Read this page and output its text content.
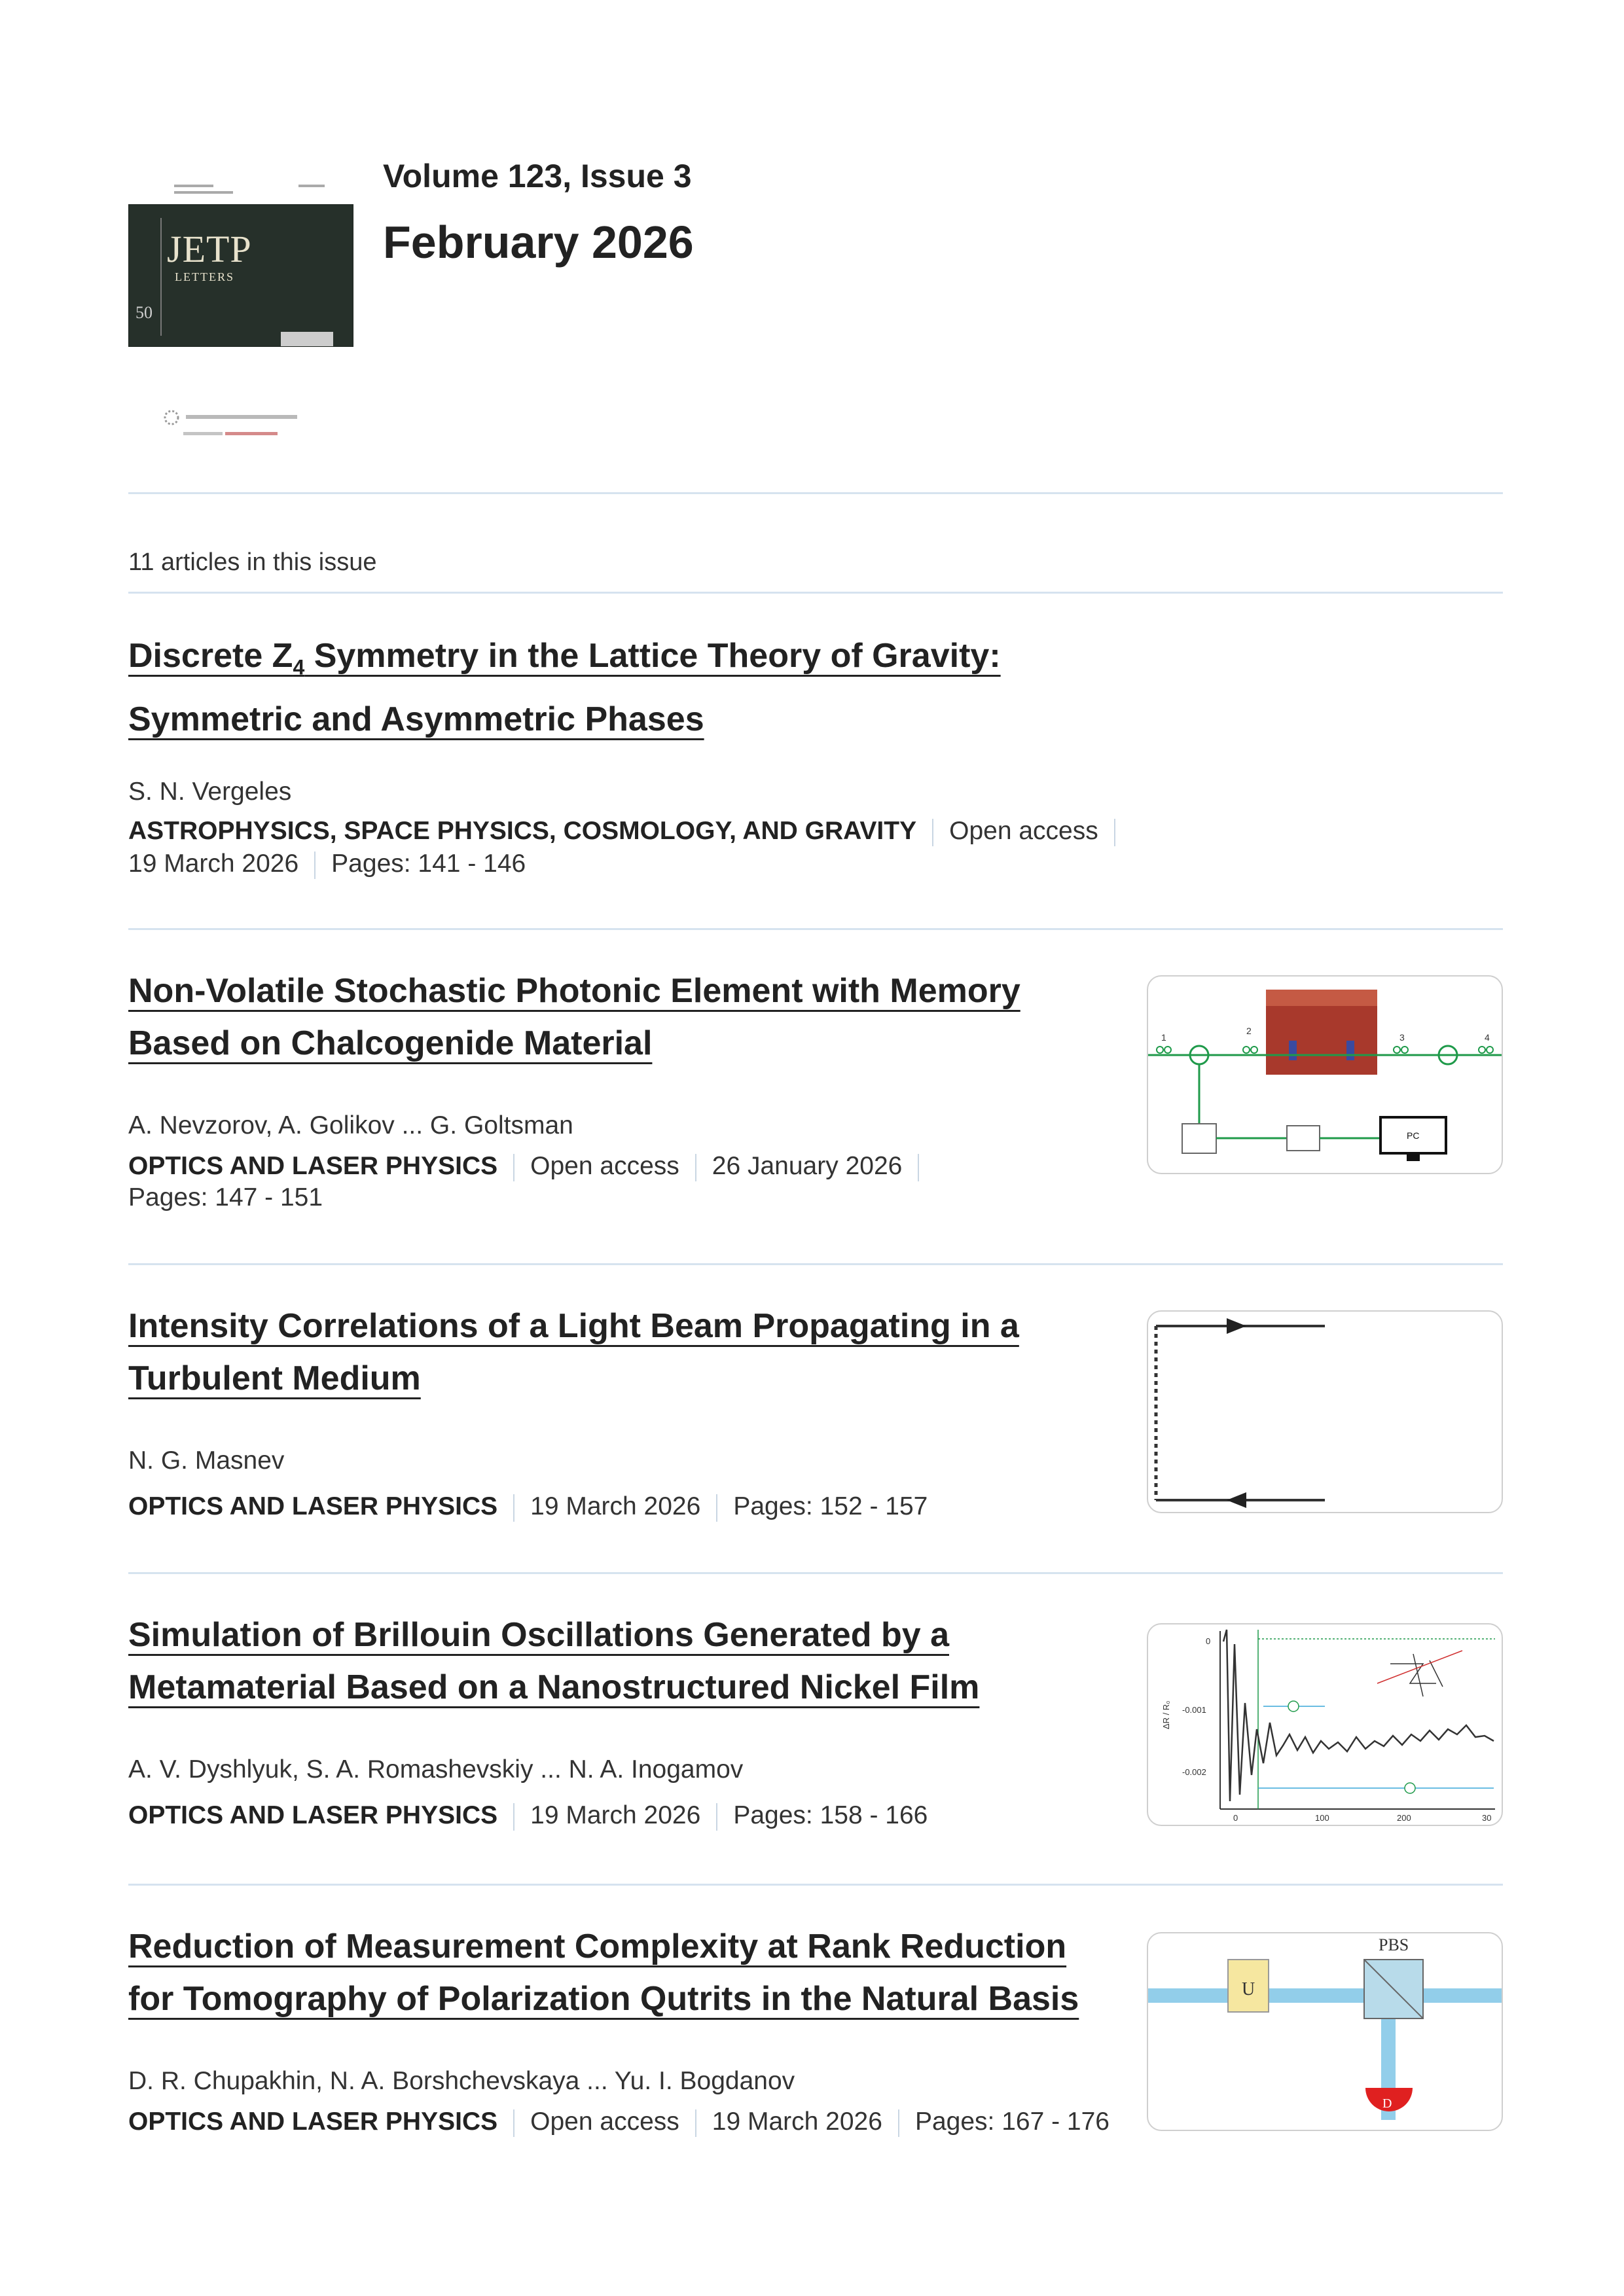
JETP
LETTERS
50
Volume 123, Issue 3
February 2026
11 articles in this issue
Discrete $Z_4$ Symmetry in the Lattice Theory of Gravity:
Symmetric and Asymmetric Phases
S. N. Vergeles
ASTROPHYSICS, SPACE PHYSICS, COSMOLOGY, AND GRAVITY Open access
19 March 2026 Pages: 141 - 146
Non-Volatile Stochastic Photonic Element with Memory
Based on Chalcogenide Material
A. Nevzorov, A. Golikov ... G. Goltsman
OPTICS AND LASER PHYSICS Open access 26 January 2026
Pages: 147 - 151
1
2
3	4
PC
Intensity Correlations of a Light Beam Propagating in a
Turbulent Medium
N. G. Masnev
OPTICS AND LASER PHYSICS 19 March 2026 Pages: 152 - 157
Simulation of Brillouin Oscillations Generated by a
Metamaterial Based on a Nanostructured Nickel Film
A. V. Dyshlyuk, S. A. Romashevskiy ... N. A. Inogamov
OPTICS AND LASER PHYSICS 19 March 2026 Pages: 158 - 166
ΔR / R₀
0
-0.001
-0.002
0	100	200	30
Reduction of Measurement Complexity at Rank Reduction
for Tomography of Polarization Qutrits in the Natural Basis
D. R. Chupakhin, N. A. Borshchevskaya ... Yu. I. Bogdanov
OPTICS AND LASER PHYSICS Open access 19 March 2026 Pages: 167 - 176
U
PBS
D
